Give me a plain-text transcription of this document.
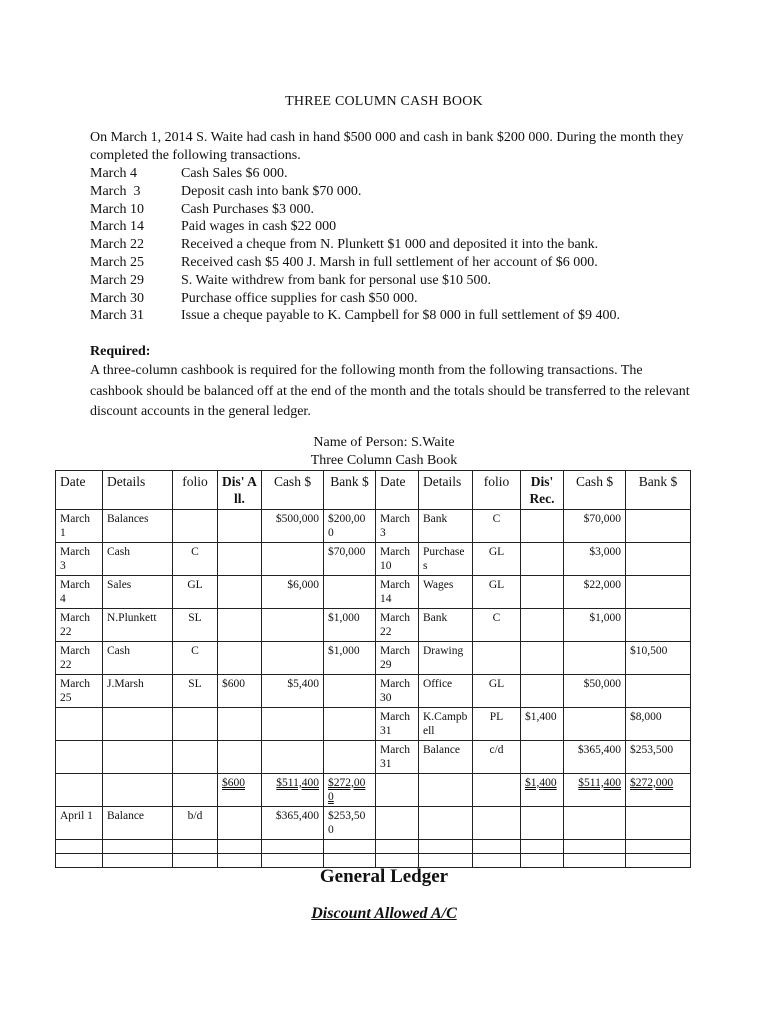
THREE COLUMN CASH BOOK
On March 1, 2014 S. Waite had cash in hand $500 000 and cash in bank $200 000. During the month they completed the following transactions.
March 4	Cash Sales $6 000.
March  3	Deposit cash into bank $70 000.
March 10	Cash Purchases $3 000.
March 14	Paid wages in cash $22 000
March 22	Received a cheque from N. Plunkett $1 000 and deposited it into the bank.
March 25	Received cash $5 400 J. Marsh in full settlement of her account of $6 000.
March 29	S. Waite withdrew from bank for personal use $10 500.
March 30	Purchase office supplies for cash $50 000.
March 31	Issue a cheque payable to K. Campbell for $8 000 in full settlement of $9 400.
Required:
A three-column cashbook is required for the following month from the following transactions. The cashbook should be balanced off at the end of the month and the totals should be transferred to the relevant discount accounts in the general ledger.
Name of Person: S.Waite
Three Column Cash Book
Date	Details	folio	Dis' All.	Cash $	Bank $	Date	Details	folio	Dis' Rec.	Cash $	Bank $
March 1	Balances			$500,000	$200,000	March 3	Bank	C		$70,000	
March 3	Cash	C			$70,000	March 10	Purchases	GL		$3,000	
March 4	Sales	GL		$6,000		March 14	Wages	GL		$22,000	
March 22	N.Plunkett	SL			$1,000	March 22	Bank	C		$1,000	
March 22	Cash	C			$1,000	March 29	Drawing				$10,500
March 25	J.Marsh	SL	$600	$5,400		March 30	Office	GL		$50,000	
						March 31	K.Campbell	PL	$1,400		$8,000
						March 31	Balance	c/d		$365,400	$253,500
			$600	$511,400	$272,000				$1,400	$511,400	$272,000
April 1	Balance	b/d		$365,400	$253,500						

General Ledger
Discount Allowed A/C
